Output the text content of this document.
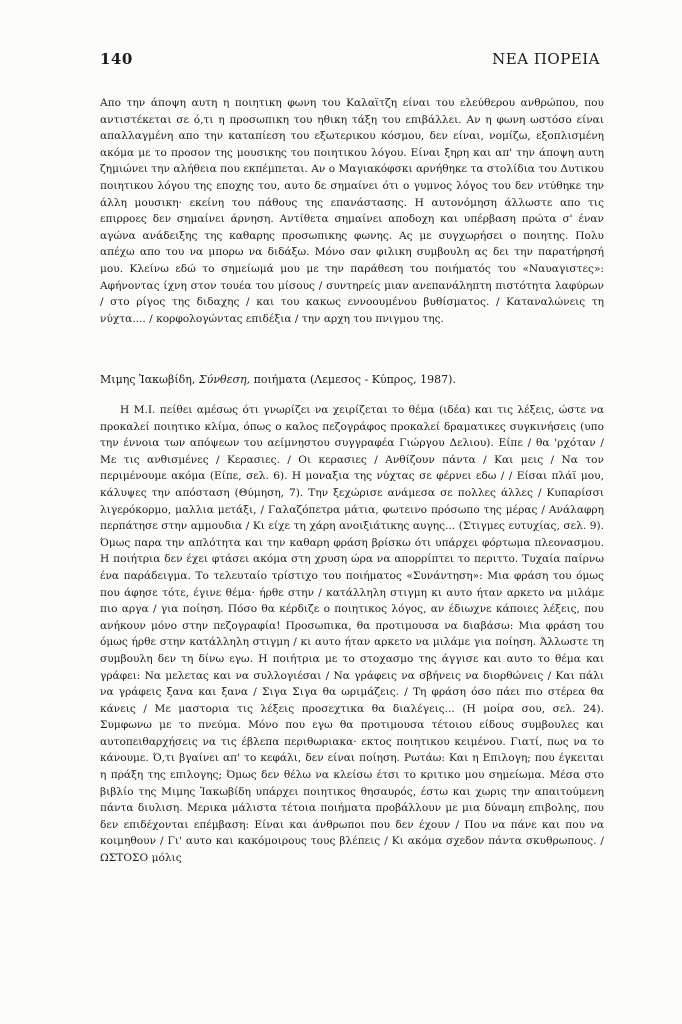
140	ΝΕΑ ΠΟΡΕΙΑ

Απο την άποψη αυτη η ποιητικη φωνη του Καλαϊτζη είναι του ελεύθερου ανθρώπου, που αντιστέκεται σε ό,τι η προσωπικη του ηθικη τάξη του επιβάλλει. Αν η φωνη ωστόσο είναι απαλλαγμένη απο την καταπίεση του εξωτερικου κόσμου, δεν είναι, νομίζω, εξοπλισμένη ακόμα με το προσον της μουσικης του ποιητικου λόγου. Είναι ξηρη και απ' την άποψη αυτη ζημιώνει την αλήθεια που εκπέμπεται. Αν ο Μαγιακόφσκι αρνήθηκε τα στολίδια του Δυτικου ποιητικου λόγου της εποχης του, αυτο δε σημαίνει ότι ο γυμνος λόγος του δεν ντύθηκε την άλλη μουσικη· εκείνη του πάθους της επανάστασης. Η αυτονόμηση άλλωστε απο τις επιρροες δεν σημαίνει άρνηση. Αντίθετα σημαίνει αποδοχη και υπέρβαση πρώτα σ' έναν αγώνα ανάδειξης της καθαρης προσωπικης φωνης. Ας με συγχωρήσει ο ποιητης. Πολυ απέχω απο του να μπορω να διδάξω. Μόνο σαν φιλικη συμβουλη ας δει την παρατήρησή μου. Κλείνω εδώ το σημείωμά μου με την παράθεση του ποιήματός του «Ναυαγιστες»: Αφήνοντας ίχνη στον τουέα του μίσους / συντηρείς μιαν ανεπανάληπτη πιστότητα λαφύρων / στο ρίγος της διδαχης / και του κακως εννοουμένου βυθίσματος. / Καταναλώνεις τη νύχτα.... / κορφολογώντας επιδέξια / την αρχη του πνιγμου της.

Μιμης Ἰακωβίδη, Σύνθεση, ποιήματα (Λεμεσος - Κύπρος, 1987).

Η Μ.Ι. πείθει αμέσως ότι γνωρίζει να χειρίζεται το θέμα (ιδέα) και τις λέξεις, ώστε να προκαλεί ποιητικο κλίμα, όπως ο καλος πεζογράφος προκαλεί δραματικες συγκινήσεις (υπο την έννοια των απόψεων του αείμνηστου συγγραφέα Γιώργου Δελιου). Είπε / θα 'ρχόταν / Με τις ανθισμένες / Κερασιες. / Οι κερασιες / Ανθίζουν πάντα / Και μεις / Να τον περιμένουμε ακόμα (Είπε, σελ. 6). Η μοναξια της νύχτας σε φέρνει εδω / / Είσαι πλάϊ μου, κάλυψες την απόσταση (Θύμηση, 7). Την ξεχώρισε ανάμεσα σε πολλες άλλες / Κυπαρίσσι λιγερόκορμο, μαλλια μετάξι, / Γαλαζόπετρα μάτια, φωτεινο πρόσωπο της μέρας / Ανάλαφρη περπάτησε στην αμμουδια / Κι είχε τη χάρη ανοιξιάτικης αυγης... (Στιγμες ευτυχίας, σελ. 9). Όμως παρα την απλότητα και την καθαρη φράση βρίσκω ότι υπάρχει φόρτωμα πλεονασμου. Η ποιήτρια δεν έχει φτάσει ακόμα στη χρυση ώρα να απορρίπτει το περιττο. Τυχαία παίρνω ένα παράδειγμα. Το τελευταίο τρίστιχο του ποιήματος «Συνάντηση»: Μια φράση του όμως που άφησε τότε, έγινε θέμα· ήρθε στην / κατάλληλη στιγμη κι αυτο ήταν αρκετο να μιλάμε πιο αργα / για ποίηση. Πόσο θα κέρδιζε ο ποιητικος λόγος, αν έδιωχνε κάποιες λέξεις, που ανήκουν μόνο στην πεζογραφία! Προσωπικα, θα προτιμουσα να διαβάσω: Μια φράση του όμως ήρθε στην κατάλληλη στιγμη / κι αυτο ήταν αρκετο να μιλάμε για ποίηση. Άλλωστε τη συμβουλη δεν τη δίνω εγω. Η ποιήτρια με το στοχασμο της άγγισε και αυτο το θέμα και γράφει: Να μελετας και να συλλογιέσαι / Να γράφεις να σβήνεις να διορθώνεις / Και πάλι να γράφεις ξανα και ξανα / Σιγα Σιγα θα ωριμάζεις. / Τη φράση όσο πάει πιο στέρεα θα κάνεις / Με μαστορια τις λέξεις προσεχτικα θα διαλέγεις... (Η μοίρα σου, σελ. 24). Συμφωνω με το πνεύμα. Μόνο που εγω θα προτιμουσα τέτοιου είδους συμβουλες και αυτοπειθαρχήσεις να τις έβλεπα περιθωριακα· εκτος ποιητικου κειμένου. Γιατί, πως να το κάνουμε. Ό,τι βγαίνει απ' το κεφάλι, δεν είναι ποίηση. Ρωτάω: Και η Επιλογη; που έγκειται η πράξη της επιλογης; Όμως δεν θέλω να κλείσω έτσι το κριτικο μου σημείωμα. Μέσα στο βιβλίο της Μιμης Ἰακωβίδη υπάρχει ποιητικος θησαυρός, έστω και χωρις την απαιτούμενη πάντα διυλιση. Μερικα μάλιστα τέτοια ποιήματα προβάλλουν με μια δύναμη επιβολης, που δεν επιδέχονται επέμβαση: Είναι και άνθρωποι που δεν έχουν / Που να πάνε και που να κοιμηθουν / Γι' αυτο και κακόμοιρους τους βλέπεις / Κι ακόμα σχεδον πάντα σκυθρωπους. / ΩΣΤΟΣΟ μόλις
